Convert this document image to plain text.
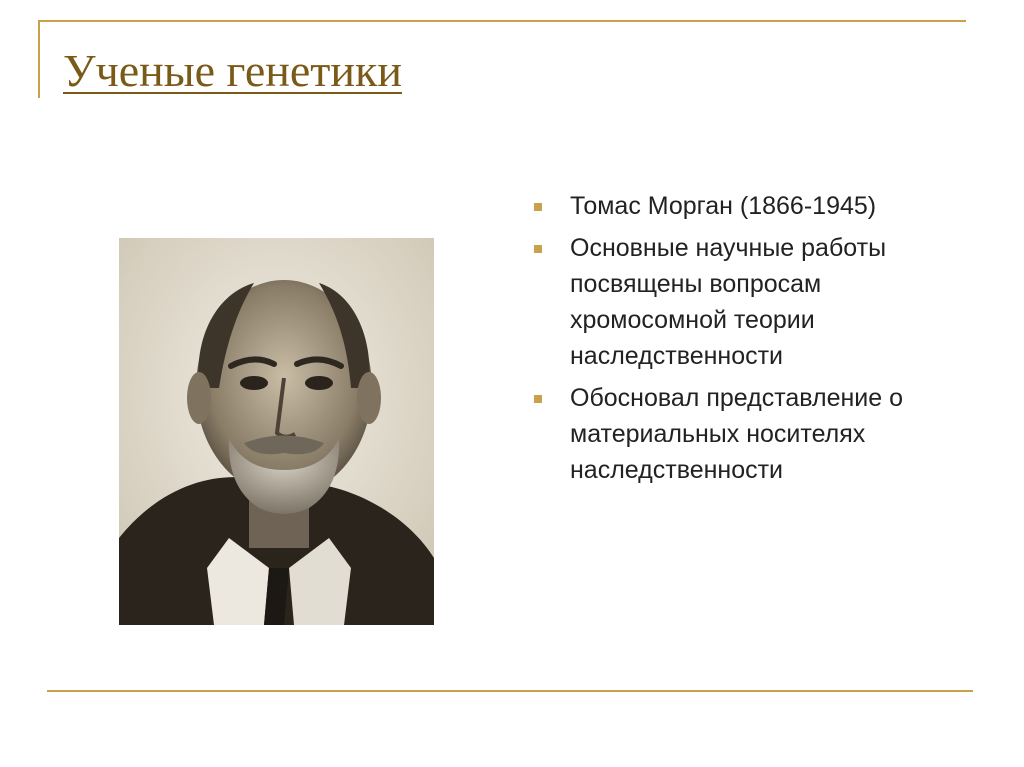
Ученые генетики
Томас Морган (1866-1945)
Основные научные работы посвящены вопросам хромосомной теории наследственности
Обосновал представление о материальных носителях наследственности
